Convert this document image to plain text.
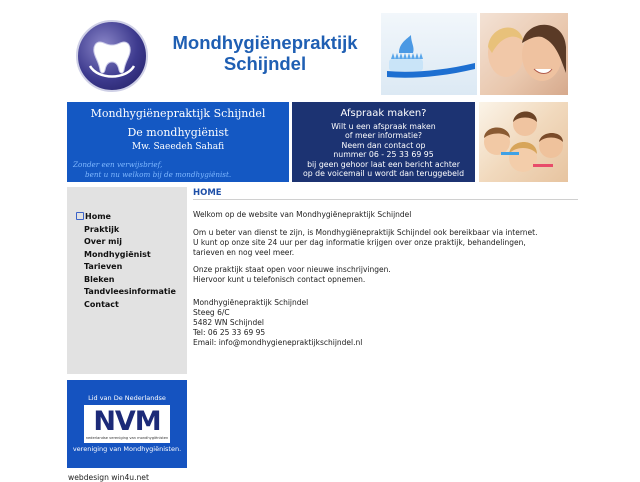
Mondhygiënepraktijk
Schijndel
Mondhygiënepraktijk Schijndel
De mondhygiënist
Mw. Saeedeh Sahafi
Zonder een verwijsbrief,
bent u nu welkom bij de mondhygiënist.
Afspraak maken?
Wilt u een afspraak maken
of meer informatie?
Neem dan contact op
nummer 06 - 25 33 69 95
bij geen gehoor laat een bericht achter
op de voicemail u wordt dan teruggebeld
Home
Praktijk
Over mij
Mondhygiënist
Tarieven
Bleken
Tandvleesinformatie
Contact
Lid van De Nederlandse
NVM
nederlandse vereniging van mondhygiënisten
vereniging van Mondhygiënisten.
webdesign win4u.net
HOME
Welkom op de website van Mondhygiënepraktijk Schijndel
Om u beter van dienst te zijn, is Mondhygiënepraktijk Schijndel ook bereikbaar via internet.
U kunt op onze site 24 uur per dag informatie krijgen over onze praktijk, behandelingen,
tarieven en nog veel meer.
Onze praktijk staat open voor nieuwe inschrijvingen.
Hiervoor kunt u telefonisch contact opnemen.
Mondhygiënepraktijk Schijndel
Steeg 6/C
5482 WN Schijndel
Tel: 06 25 33 69 95
Email: info@mondhygienepraktijkschijndel.nl
